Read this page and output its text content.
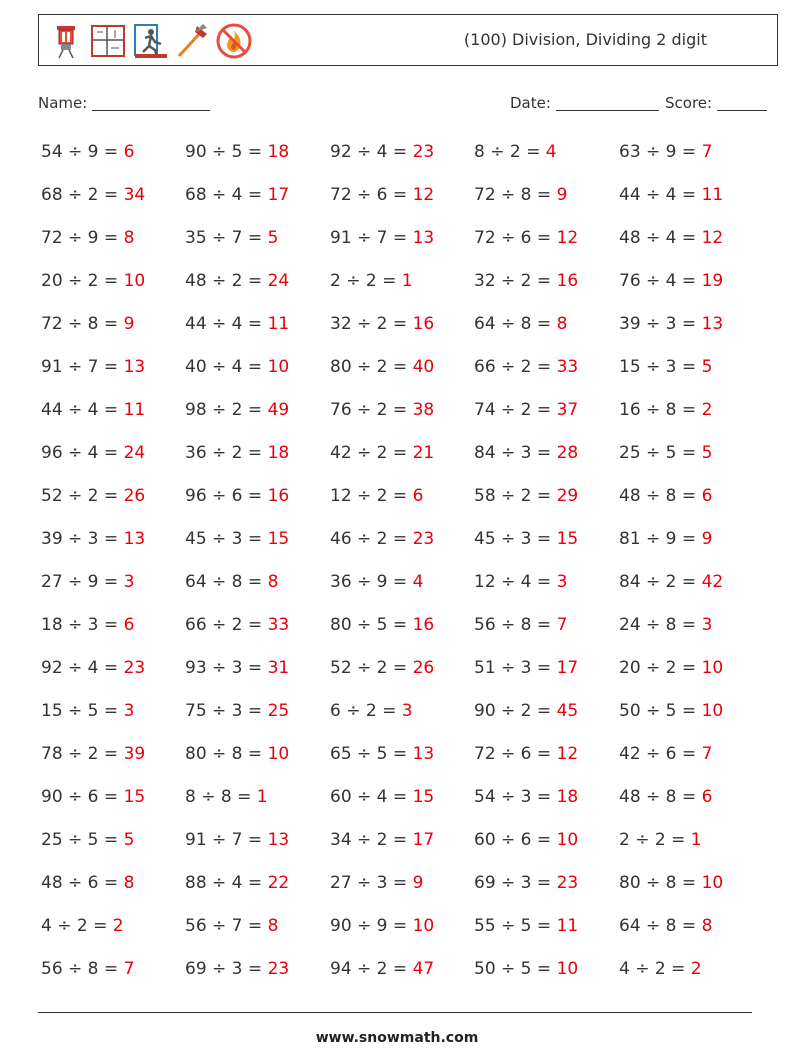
(100) Division, Dividing 2 digit
Name:	Date:	Score:
54 ÷ 9 = 6	90 ÷ 5 = 18 92 ÷ 4 = 23 8 ÷ 2 = 4	63 ÷ 9 = 7
68 ÷ 2 = 34 68 ÷ 4 = 17 72 ÷ 6 = 12 72 ÷ 8 = 9	44 ÷ 4 = 11
72 ÷ 9 = 8	35 ÷ 7 = 5	91 ÷ 7 = 13 72 ÷ 6 = 12 48 ÷ 4 = 12
20 ÷ 2 = 10 48 ÷ 2 = 24 2 ÷ 2 = 1	32 ÷ 2 = 16 76 ÷ 4 = 19
72 ÷ 8 = 9	44 ÷ 4 = 11 32 ÷ 2 = 16 64 ÷ 8 = 8	39 ÷ 3 = 13
91 ÷ 7 = 13 40 ÷ 4 = 10 80 ÷ 2 = 40 66 ÷ 2 = 33 15 ÷ 3 = 5
44 ÷ 4 = 11 98 ÷ 2 = 49 76 ÷ 2 = 38 74 ÷ 2 = 37 16 ÷ 8 = 2
96 ÷ 4 = 24 36 ÷ 2 = 18 42 ÷ 2 = 21 84 ÷ 3 = 28 25 ÷ 5 = 5
52 ÷ 2 = 26 96 ÷ 6 = 16 12 ÷ 2 = 6	58 ÷ 2 = 29 48 ÷ 8 = 6
39 ÷ 3 = 13 45 ÷ 3 = 15 46 ÷ 2 = 23 45 ÷ 3 = 15 81 ÷ 9 = 9
27 ÷ 9 = 3	64 ÷ 8 = 8	36 ÷ 9 = 4	12 ÷ 4 = 3	84 ÷ 2 = 42
18 ÷ 3 = 6	66 ÷ 2 = 33 80 ÷ 5 = 16 56 ÷ 8 = 7	24 ÷ 8 = 3
92 ÷ 4 = 23 93 ÷ 3 = 31 52 ÷ 2 = 26 51 ÷ 3 = 17 20 ÷ 2 = 10
15 ÷ 5 = 3	75 ÷ 3 = 25 6 ÷ 2 = 3	90 ÷ 2 = 45 50 ÷ 5 = 10
78 ÷ 2 = 39 80 ÷ 8 = 10 65 ÷ 5 = 13 72 ÷ 6 = 12 42 ÷ 6 = 7
90 ÷ 6 = 15 8 ÷ 8 = 1	60 ÷ 4 = 15 54 ÷ 3 = 18 48 ÷ 8 = 6
25 ÷ 5 = 5	91 ÷ 7 = 13 34 ÷ 2 = 17 60 ÷ 6 = 10 2 ÷ 2 = 1
48 ÷ 6 = 8	88 ÷ 4 = 22 27 ÷ 3 = 9	69 ÷ 3 = 23 80 ÷ 8 = 10
4 ÷ 2 = 2	56 ÷ 7 = 8	90 ÷ 9 = 10 55 ÷ 5 = 11 64 ÷ 8 = 8
56 ÷ 8 = 7	69 ÷ 3 = 23 94 ÷ 2 = 47 50 ÷ 5 = 10 4 ÷ 2 = 2
www.snowmath.com
